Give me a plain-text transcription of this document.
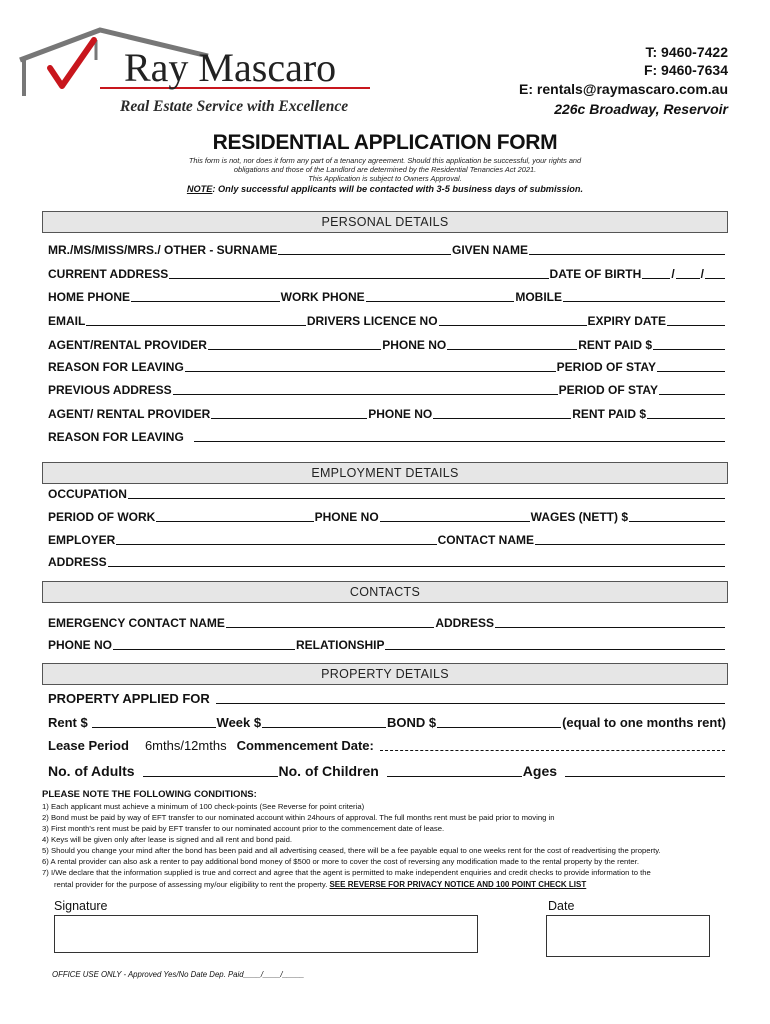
Ray Mascaro
Real Estate Service with Excellence
T: 9460-7422
F: 9460-7634
E: rentals@raymascaro.com.au
226c Broadway, Reservoir
RESIDENTIAL APPLICATION FORM
This form is not, nor does it form any part of a tenancy agreement. Should this application be successful, your rights and
obligations and those of the Landlord are determined by the Residential Tenancies Act 2021.
This Application is subject to Owners Approval.
NOTE: Only successful applicants will be contacted with 3-5 business days of submission.
PERSONAL DETAILS
MR./MS/MISS/MRS./ OTHER - SURNAME	GIVEN NAME
CURRENT ADDRESS	DATE OF BIRTH	/ /
HOME PHONE	WORK PHONE	MOBILE
EMAIL	DRIVERS LICENCE NO	EXPIRY DATE
AGENT/RENTAL PROVIDER	PHONE NO	RENT PAID $
REASON FOR LEAVING	PERIOD OF STAY
PREVIOUS ADDRESS	PERIOD OF STAY
AGENT/ RENTAL PROVIDER	PHONE NO	RENT PAID $
REASON FOR LEAVING
EMPLOYMENT DETAILS
OCCUPATION
PERIOD OF WORK	PHONE NO	WAGES (NETT) $
EMPLOYER	CONTACT NAME
ADDRESS
CONTACTS
EMERGENCY CONTACT NAME	ADDRESS
PHONE NO	RELATIONSHIP
PROPERTY DETAILS
PROPERTY APPLIED FOR
Rent $	Week $	BOND $	(equal to one months rent)
Lease Period 6mths/12mths Commencement Date:
No. of Adults	No. of Children	Ages
PLEASE NOTE THE FOLLOWING CONDITIONS:
1) Each applicant must achieve a minimum of 100 check-points (See Reverse for point criteria)
2) Bond must be paid by way of EFT transfer to our nominated account within 24hours of approval. The full months rent must be paid prior to moving in
3) First month's rent must be paid by EFT transfer to our nominated account prior to the commencement date of lease.
4) Keys will be given only after lease is signed and all rent and bond paid.
5) Should you change your mind after the bond has been paid and all advertising ceased, there will be a fee payable equal to one weeks rent for the cost of readvertising the property.
6) A rental provider can also ask a renter to pay additional bond money of $500 or more to cover the cost of reversing any modification made to the rental property by the renter.
7) I/We declare that the information supplied is true and correct and agree that the agent is permitted to make independent enquiries and credit checks to provide information to the
rental provider for the purpose of assessing my/our eligibility to rent the property. SEE REVERSE FOR PRIVACY NOTICE AND 100 POINT CHECK LIST
Signature	Date
OFFICE USE ONLY - Approved Yes/No Date Dep. Paid____/____/_____
